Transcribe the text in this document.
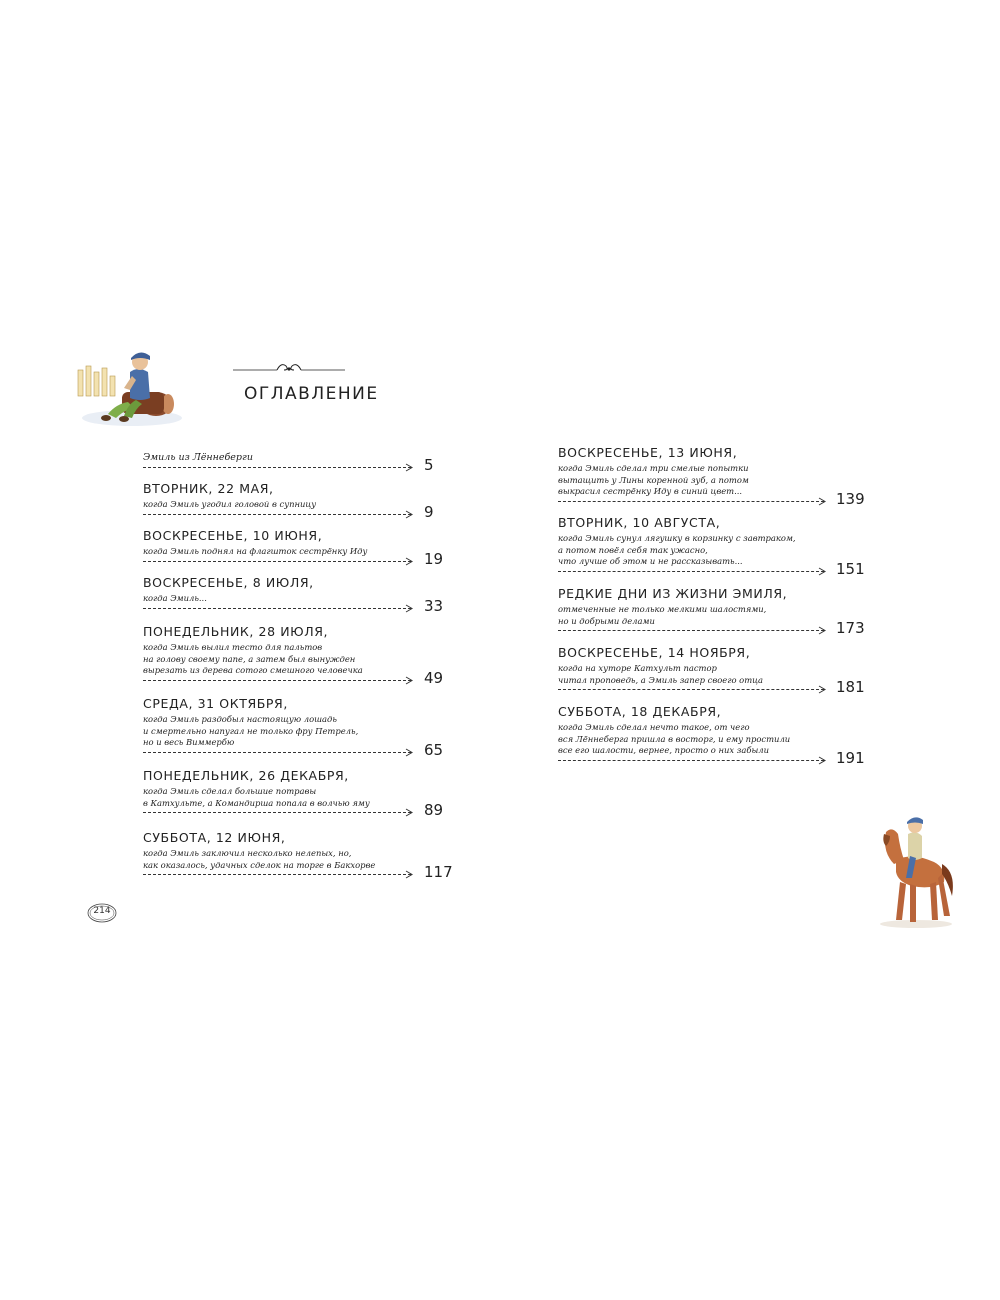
ОГЛАВЛЕНИЕ
Эмиль из Лённеберги	5
ВТОРНИК, 22 МАЯ,
когда Эмиль угодил головой в супницу	9
ВОСКРЕСЕНЬЕ, 10 ИЮНЯ,
когда Эмиль поднял на флагшток сестрёнку Иду	19
ВОСКРЕСЕНЬЕ, 8 ИЮЛЯ,
когда Эмиль...	33
ПОНЕДЕЛЬНИК, 28 ИЮЛЯ,
когда Эмиль вылил тесто для пальтов
на голову своему папе, а затем был вынужден
вырезать из дерева сотого смешного человечка	49
СРЕДА, 31 ОКТЯБРЯ,
когда Эмиль раздобыл настоящую лошадь
и смертельно напугал не только фру Петрель,
но и весь Виммербю	65
ПОНЕДЕЛЬНИК, 26 ДЕКАБРЯ,
когда Эмиль сделал большие потравы
в Катхульте, а Командирша попала в волчью яму	89
СУББОТА, 12 ИЮНЯ,
когда Эмиль заключил несколько нелепых, но,
как оказалось, удачных сделок на торге в Бакхорве	117
ВОСКРЕСЕНЬЕ, 13 ИЮНЯ,
когда Эмиль сделал три смелые попытки
вытащить у Лины коренной зуб, а потом
выкрасил сестрёнку Иду в синий цвет...	139
ВТОРНИК, 10 АВГУСТА,
когда Эмиль сунул лягушку в корзинку с завтраком,
а потом повёл себя так ужасно,
что лучше об этом и не рассказывать...	151
РЕДКИЕ ДНИ ИЗ ЖИЗНИ ЭМИЛЯ,
отмеченные не только мелкими шалостями,
но и добрыми делами	173
ВОСКРЕСЕНЬЕ, 14 НОЯБРЯ,
когда на хуторе Катхульт пастор
читал проповедь, а Эмиль запер своего отца	181
СУББОТА, 18 ДЕКАБРЯ,
когда Эмиль сделал нечто такое, от чего
вся Лённеберга пришла в восторг, и ему простили
все его шалости, вернее, просто о них забыли	191
214
